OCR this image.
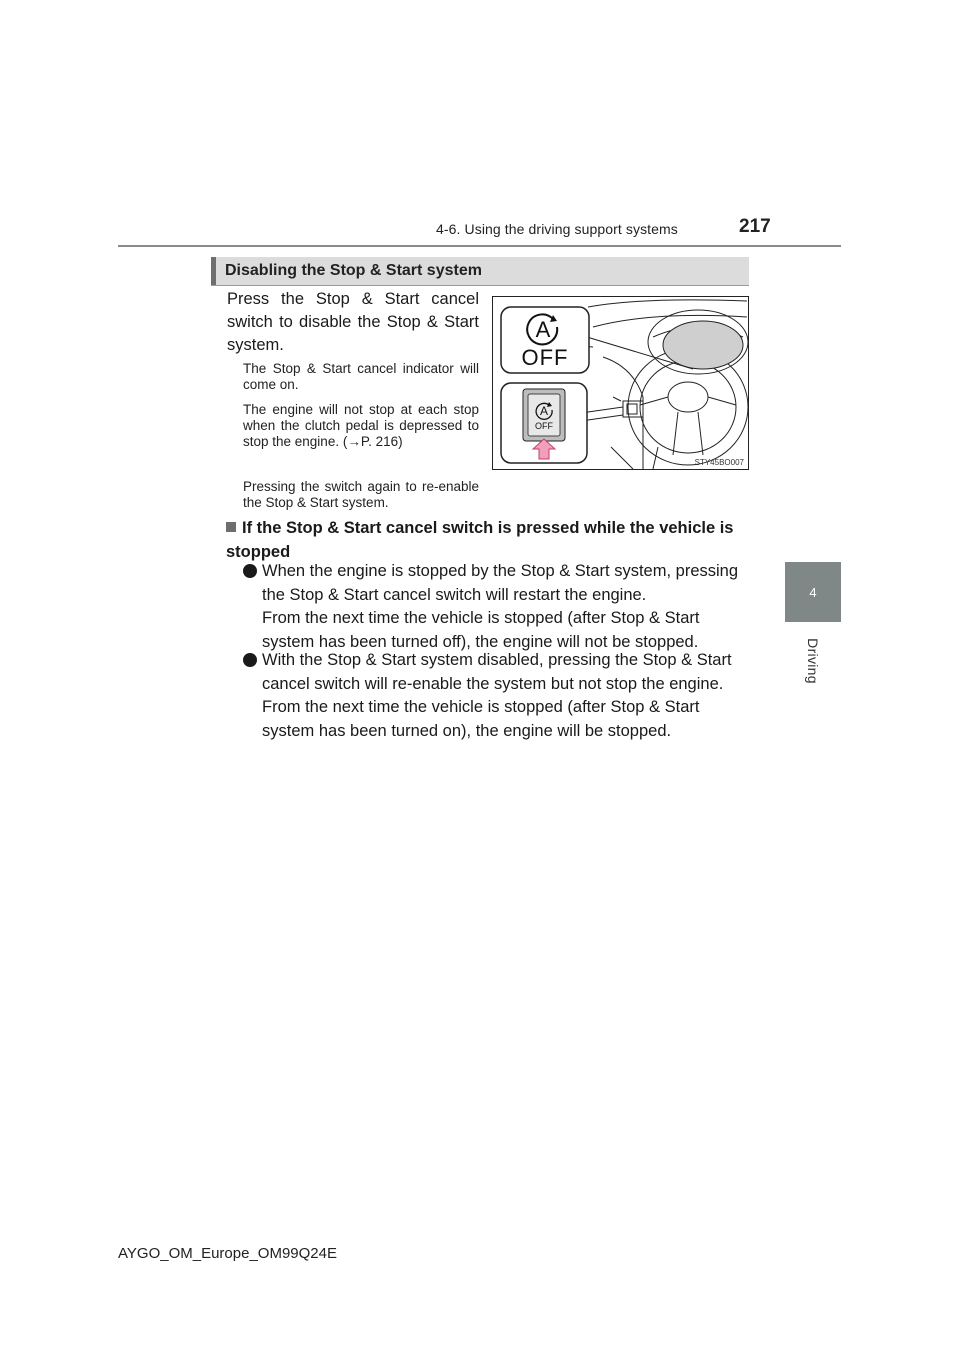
4-6. Using the driving support systems	217
4
Driving
Disabling the Stop & Start system

Press the Stop & Start cancel switch to disable the Stop & Start system.

The Stop & Start cancel indicator will come on.

The engine will not stop at each stop when the clutch pedal is depressed to stop the engine. (→P. 216)

Pressing the switch again to re-enable the Stop & Start system.

A
OFF
A
OFF
STY45BO007

If the Stop & Start cancel switch is pressed while the vehicle is stopped

When the engine is stopped by the Stop & Start system, pressing the Stop & Start cancel switch will restart the engine.

From the next time the vehicle is stopped (after Stop & Start system has been turned off), the engine will not be stopped.

With the Stop & Start system disabled, pressing the Stop & Start cancel switch will re-enable the system but not stop the engine.

From the next time the vehicle is stopped (after Stop & Start system has been turned on), the engine will be stopped.

AYGO_OM_Europe_OM99Q24E
